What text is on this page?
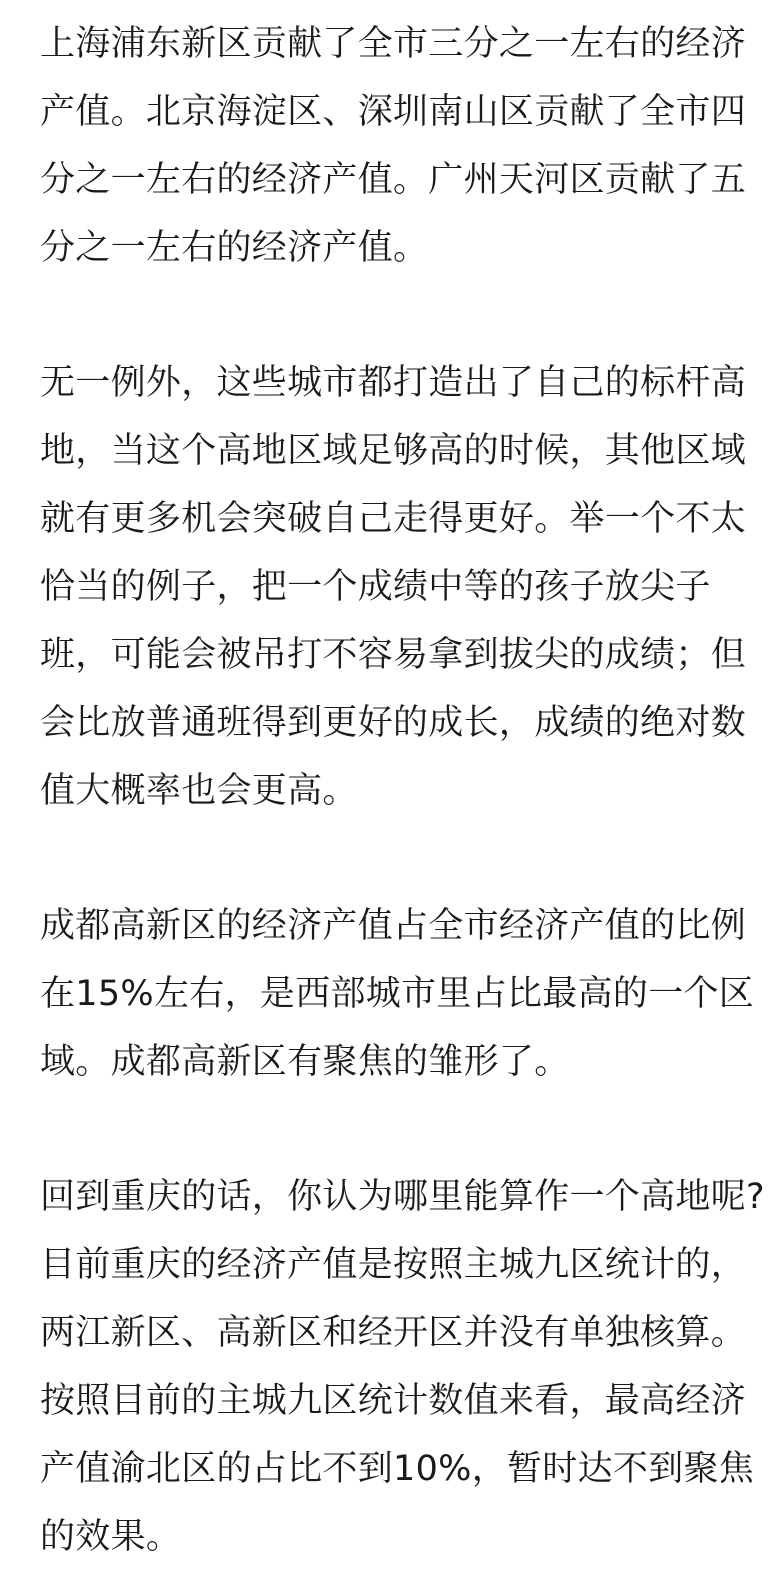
上海浦东新区贡献了全市三分之一左右的经济
产值。北京海淀区、深圳南山区贡献了全市四
分之一左右的经济产值。广州天河区贡献了五
分之一左右的经济产值。
无一例外，这些城市都打造出了自己的标杆高
地，当这个高地区域足够高的时候，其他区域
就有更多机会突破自己走得更好。举一个不太
恰当的例子，把一个成绩中等的孩子放尖子
班，可能会被吊打不容易拿到拔尖的成绩；但
会比放普通班得到更好的成长，成绩的绝对数
值大概率也会更高。
成都高新区的经济产值占全市经济产值的比例
在15%左右，是西部城市里占比最高的一个区
域。成都高新区有聚焦的雏形了。
回到重庆的话，你认为哪里能算作一个高地呢?
目前重庆的经济产值是按照主城九区统计的，
两江新区、高新区和经开区并没有单独核算。
按照目前的主城九区统计数值来看，最高经济
产值渝北区的占比不到10%，暂时达不到聚焦
的效果。
